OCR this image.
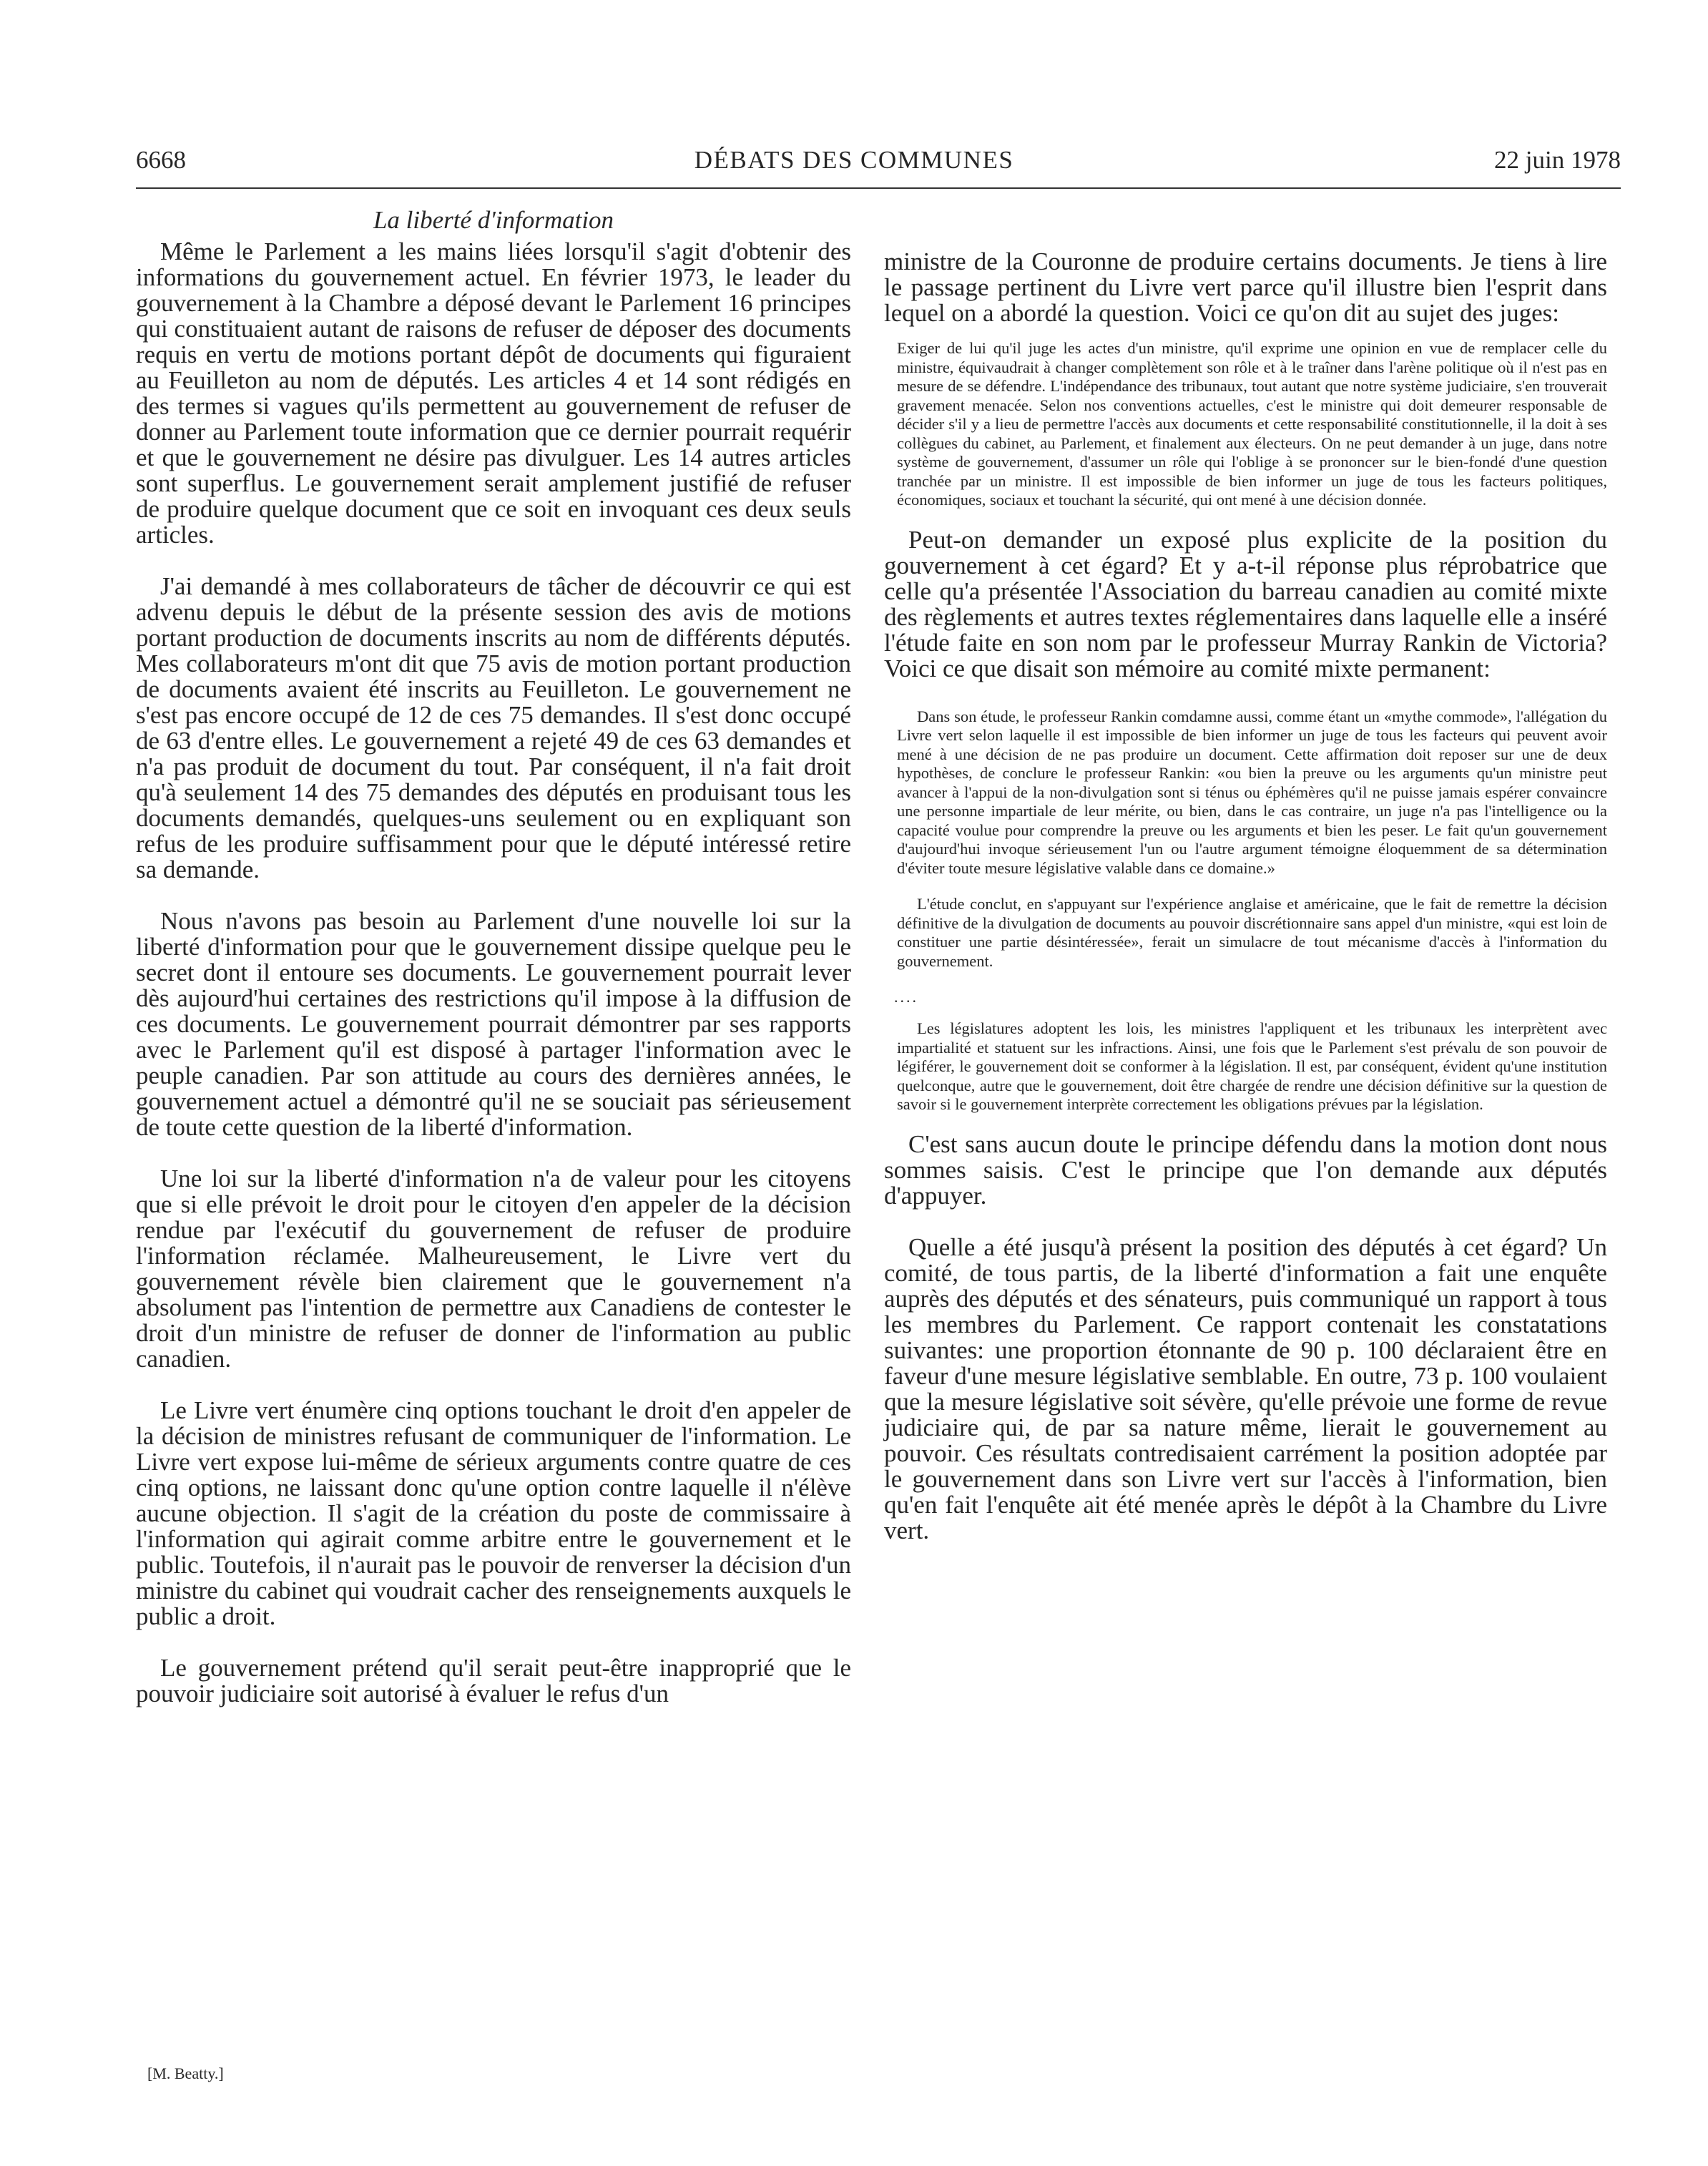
6668	DÉBATS DES COMMUNES	22 juin 1978
La liberté d'information

Même le Parlement a les mains liées lorsqu'il s'agit d'obtenir des informations du gouvernement actuel. En février 1973, le leader du gouvernement à la Chambre a déposé devant le Parlement 16 principes qui constituaient autant de raisons de refuser de déposer des documents requis en vertu de motions portant dépôt de documents qui figuraient au Feuilleton au nom de députés. Les articles 4 et 14 sont rédigés en des termes si vagues qu'ils permettent au gouvernement de refuser de donner au Parlement toute information que ce dernier pourrait requérir et que le gouvernement ne désire pas divulguer. Les 14 autres articles sont superflus. Le gouvernement serait amplement justifié de refuser de produire quelque document que ce soit en invoquant ces deux seuls articles.

J'ai demandé à mes collaborateurs de tâcher de découvrir ce qui est advenu depuis le début de la présente session des avis de motions portant production de documents inscrits au nom de différents députés. Mes collaborateurs m'ont dit que 75 avis de motion portant production de documents avaient été inscrits au Feuilleton. Le gouvernement ne s'est pas encore occupé de 12 de ces 75 demandes. Il s'est donc occupé de 63 d'entre elles. Le gouvernement a rejeté 49 de ces 63 demandes et n'a pas produit de document du tout. Par conséquent, il n'a fait droit qu'à seulement 14 des 75 demandes des députés en produisant tous les documents demandés, quelques-uns seulement ou en expliquant son refus de les produire suffisamment pour que le député intéressé retire sa demande.

Nous n'avons pas besoin au Parlement d'une nouvelle loi sur la liberté d'information pour que le gouvernement dissipe quelque peu le secret dont il entoure ses documents. Le gouvernement pourrait lever dès aujourd'hui certaines des restrictions qu'il impose à la diffusion de ces documents. Le gouvernement pourrait démontrer par ses rapports avec le Parlement qu'il est disposé à partager l'information avec le peuple canadien. Par son attitude au cours des dernières années, le gouvernement actuel a démontré qu'il ne se souciait pas sérieusement de toute cette question de la liberté d'information.

Une loi sur la liberté d'information n'a de valeur pour les citoyens que si elle prévoit le droit pour le citoyen d'en appeler de la décision rendue par l'exécutif du gouvernement de refuser de produire l'information réclamée. Malheureusement, le Livre vert du gouvernement révèle bien clairement que le gouvernement n'a absolument pas l'intention de permettre aux Canadiens de contester le droit d'un ministre de refuser de donner de l'information au public canadien.

Le Livre vert énumère cinq options touchant le droit d'en appeler de la décision de ministres refusant de communiquer de l'information. Le Livre vert expose lui-même de sérieux arguments contre quatre de ces cinq options, ne laissant donc qu'une option contre laquelle il n'élève aucune objection. Il s'agit de la création du poste de commissaire à l'information qui agirait comme arbitre entre le gouvernement et le public. Toutefois, il n'aurait pas le pouvoir de renverser la décision d'un ministre du cabinet qui voudrait cacher des renseignements auxquels le public a droit.

Le gouvernement prétend qu'il serait peut-être inapproprié que le pouvoir judiciaire soit autorisé à évaluer le refus d'un

[M. Beatty.]

ministre de la Couronne de produire certains documents. Je tiens à lire le passage pertinent du Livre vert parce qu'il illustre bien l'esprit dans lequel on a abordé la question. Voici ce qu'on dit au sujet des juges:

Exiger de lui qu'il juge les actes d'un ministre, qu'il exprime une opinion en vue de remplacer celle du ministre, équivaudrait à changer complètement son rôle et à le traîner dans l'arène politique où il n'est pas en mesure de se défendre. L'indépendance des tribunaux, tout autant que notre système judiciaire, s'en trouverait gravement menacée. Selon nos conventions actuelles, c'est le ministre qui doit demeurer responsable de décider s'il y a lieu de permettre l'accès aux documents et cette responsabilité constitutionnelle, il la doit à ses collègues du cabinet, au Parlement, et finalement aux électeurs. On ne peut demander à un juge, dans notre système de gouvernement, d'assumer un rôle qui l'oblige à se prononcer sur le bien-fondé d'une question tranchée par un ministre. Il est impossible de bien informer un juge de tous les facteurs politiques, économiques, sociaux et touchant la sécurité, qui ont mené à une décision donnée.

Peut-on demander un exposé plus explicite de la position du gouvernement à cet égard? Et y a-t-il réponse plus réprobatrice que celle qu'a présentée l'Association du barreau canadien au comité mixte des règlements et autres textes réglementaires dans laquelle elle a inséré l'étude faite en son nom par le professeur Murray Rankin de Victoria? Voici ce que disait son mémoire au comité mixte permanent:

Dans son étude, le professeur Rankin comdamne aussi, comme étant un «mythe commode», l'allégation du Livre vert selon laquelle il est impossible de bien informer un juge de tous les facteurs qui peuvent avoir mené à une décision de ne pas produire un document. Cette affirmation doit reposer sur une de deux hypothèses, de conclure le professeur Rankin: «ou bien la preuve ou les arguments qu'un ministre peut avancer à l'appui de la non-divulgation sont si ténus ou éphémères qu'il ne puisse jamais espérer convaincre une personne impartiale de leur mérite, ou bien, dans le cas contraire, un juge n'a pas l'intelligence ou la capacité voulue pour comprendre la preuve ou les arguments et bien les peser. Le fait qu'un gouvernement d'aujourd'hui invoque sérieusement l'un ou l'autre argument témoigne éloquemment de sa détermination d'éviter toute mesure législative valable dans ce domaine.»

L'étude conclut, en s'appuyant sur l'expérience anglaise et américaine, que le fait de remettre la décision définitive de la divulgation de documents au pouvoir discrétionnaire sans appel d'un ministre, «qui est loin de constituer une partie désintéressée», ferait un simulacre de tout mécanisme d'accès à l'information du gouvernement.

....

Les législatures adoptent les lois, les ministres l'appliquent et les tribunaux les interprètent avec impartialité et statuent sur les infractions. Ainsi, une fois que le Parlement s'est prévalu de son pouvoir de légiférer, le gouvernement doit se conformer à la législation. Il est, par conséquent, évident qu'une institution quelconque, autre que le gouvernement, doit être chargée de rendre une décision définitive sur la question de savoir si le gouvernement interprète correctement les obligations prévues par la législation.

C'est sans aucun doute le principe défendu dans la motion dont nous sommes saisis. C'est le principe que l'on demande aux députés d'appuyer.

Quelle a été jusqu'à présent la position des députés à cet égard? Un comité, de tous partis, de la liberté d'information a fait une enquête auprès des députés et des sénateurs, puis communiqué un rapport à tous les membres du Parlement. Ce rapport contenait les constatations suivantes: une proportion étonnante de 90 p. 100 déclaraient être en faveur d'une mesure législative semblable. En outre, 73 p. 100 voulaient que la mesure législative soit sévère, qu'elle prévoie une forme de revue judiciaire qui, de par sa nature même, lierait le gouvernement au pouvoir. Ces résultats contredisaient carrément la position adoptée par le gouvernement dans son Livre vert sur l'accès à l'information, bien qu'en fait l'enquête ait été menée après le dépôt à la Chambre du Livre vert.
